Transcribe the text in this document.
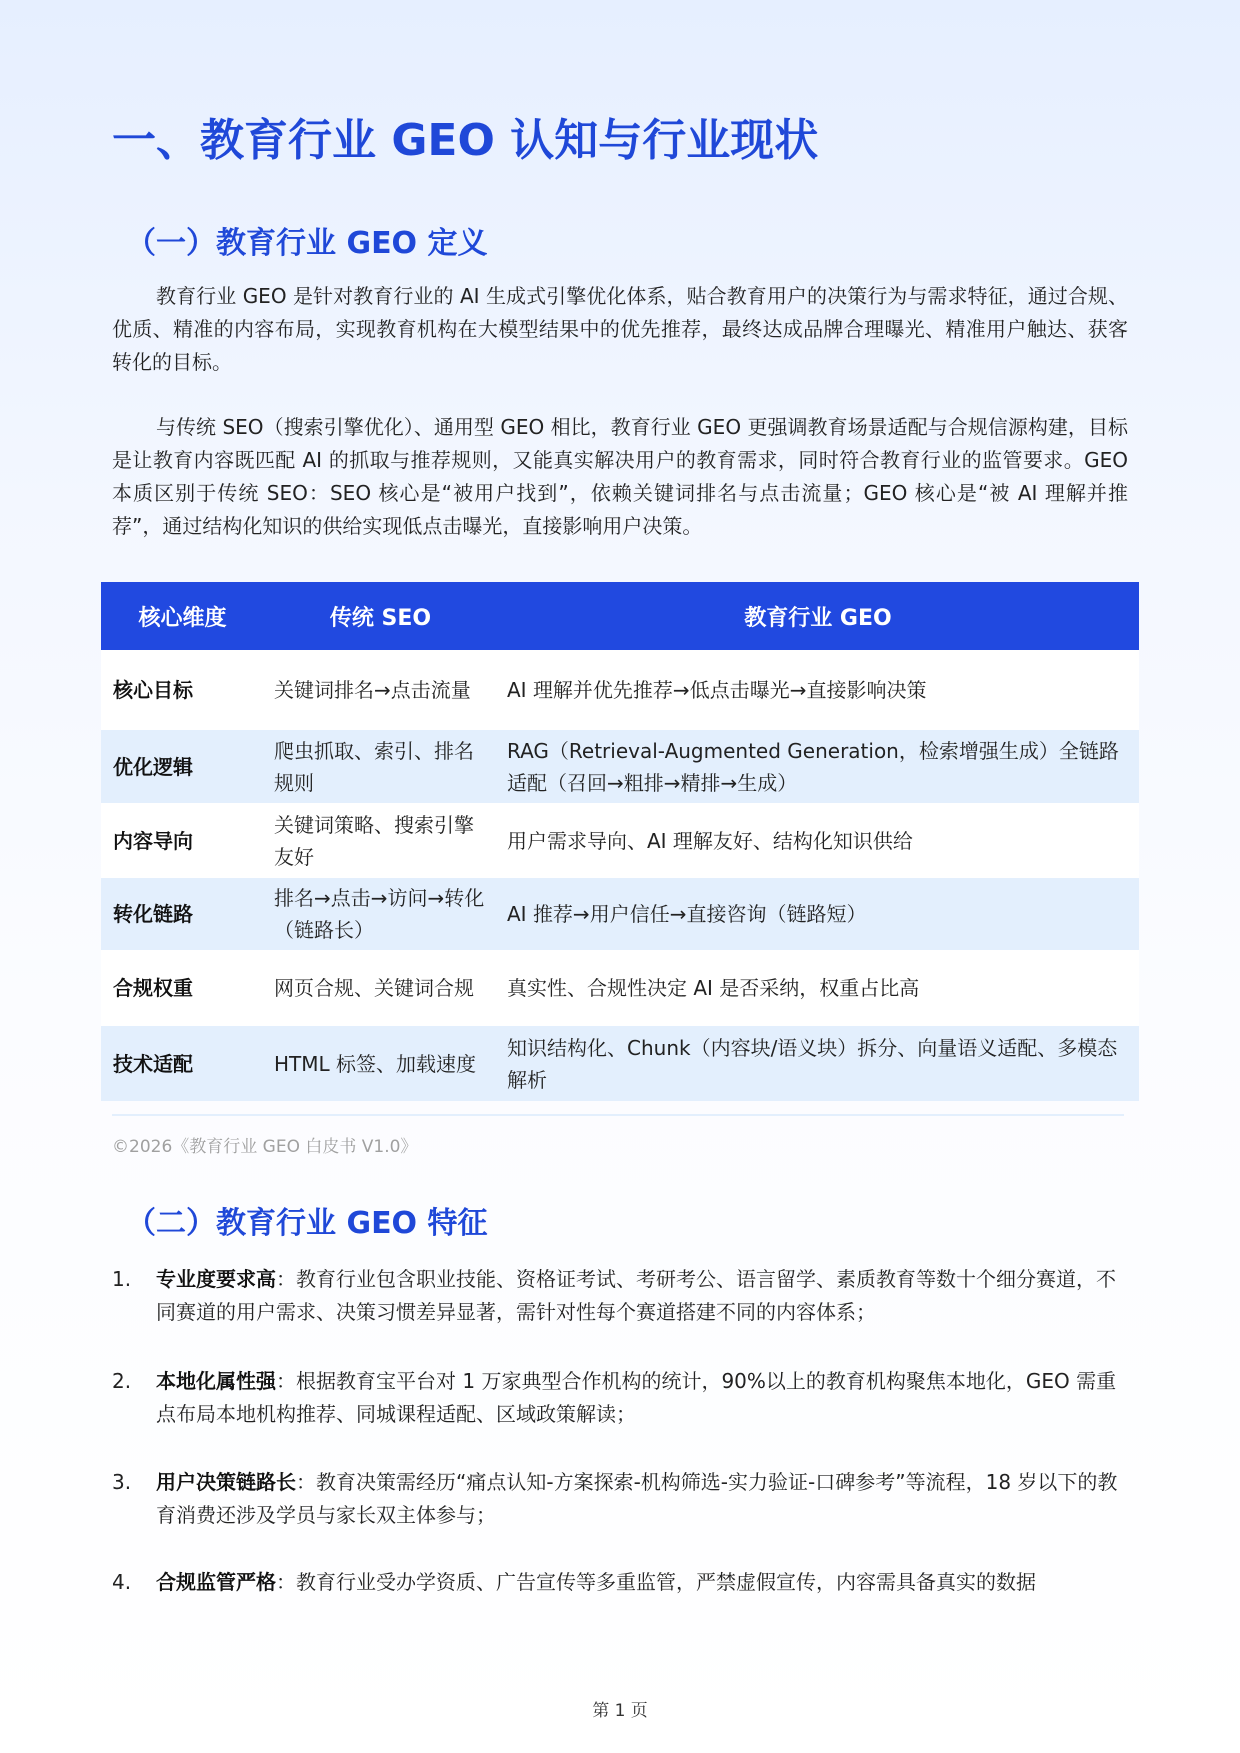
一、教育行业 GEO 认知与行业现状
（一）教育行业 GEO 定义
教育行业 GEO 是针对教育行业的 AI 生成式引擎优化体系，贴合教育用户的决策行为与需求特征，通过合规、优质、精准的内容布局，实现教育机构在大模型结果中的优先推荐，最终达成品牌合理曝光、精准用户触达、获客转化的目标。
与传统 SEO（搜索引擎优化）、通用型 GEO 相比，教育行业 GEO 更强调教育场景适配与合规信源构建，目标是让教育内容既匹配 AI 的抓取与推荐规则，又能真实解决用户的教育需求，同时符合教育行业的监管要求。GEO 本质区别于传统 SEO：SEO 核心是“被用户找到”，依赖关键词排名与点击流量；GEO 核心是“被 AI 理解并推荐”，通过结构化知识的供给实现低点击曝光，直接影响用户决策。
核心维度	传统 SEO	教育行业 GEO
核心目标	关键词排名→点击流量	AI 理解并优先推荐→低点击曝光→直接影响决策
优化逻辑	爬虫抓取、索引、排名规则	RAG（Retrieval-Augmented Generation，检索增强生成）全链路适配（召回→粗排→精排→生成）
内容导向	关键词策略、搜索引擎友好	用户需求导向、AI 理解友好、结构化知识供给
转化链路	排名→点击→访问→转化（链路长）	AI 推荐→用户信任→直接咨询（链路短）
合规权重	网页合规、关键词合规	真实性、合规性决定 AI 是否采纳，权重占比高
技术适配	HTML 标签、加载速度	知识结构化、Chunk（内容块/语义块）拆分、向量语义适配、多模态解析
©2026《教育行业 GEO 白皮书 V1.0》
（二）教育行业 GEO 特征
1.	专业度要求高：教育行业包含职业技能、资格证考试、考研考公、语言留学、素质教育等数十个细分赛道，不同赛道的用户需求、决策习惯差异显著，需针对性每个赛道搭建不同的内容体系；
2.	本地化属性强：根据教育宝平台对 1 万家典型合作机构的统计，90%以上的教育机构聚焦本地化，GEO 需重点布局本地机构推荐、同城课程适配、区域政策解读；
3.	用户决策链路长：教育决策需经历“痛点认知-方案探索-机构筛选-实力验证-口碑参考”等流程，18 岁以下的教育消费还涉及学员与家长双主体参与；
4.	合规监管严格：教育行业受办学资质、广告宣传等多重监管，严禁虚假宣传，内容需具备真实的数据
第 1 页
